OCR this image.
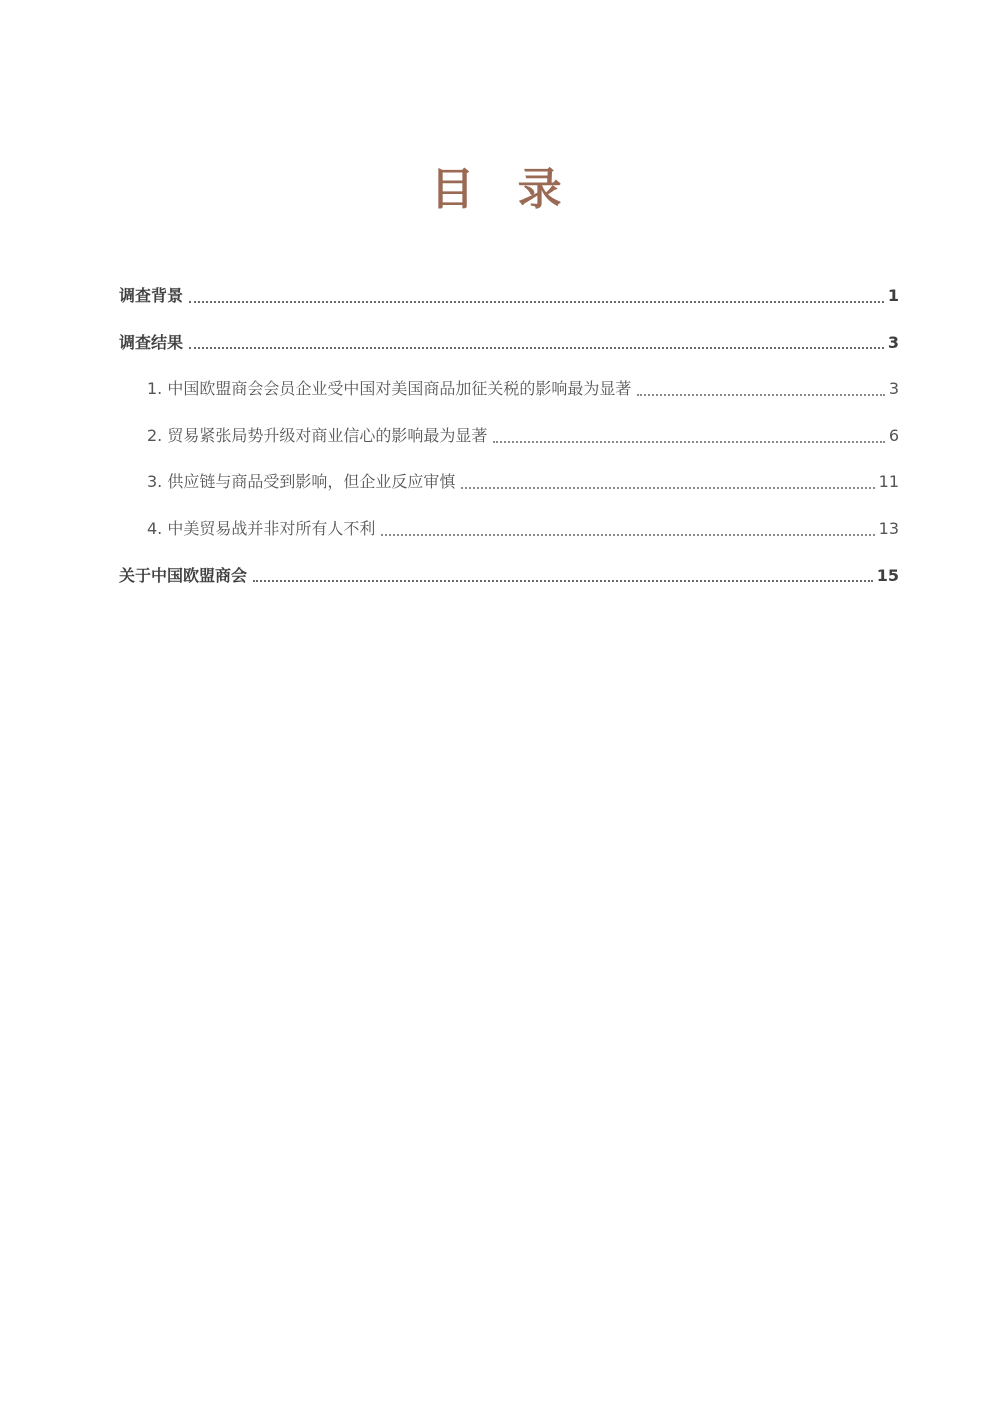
目 录
调查背景	1
调查结果	3
1. 中国欧盟商会会员企业受中国对美国商品加征关税的影响最为显著	3
2. 贸易紧张局势升级对商业信心的影响最为显著	6
3. 供应链与商品受到影响，但企业反应审慎	11
4. 中美贸易战并非对所有人不利	13
关于中国欧盟商会	15
